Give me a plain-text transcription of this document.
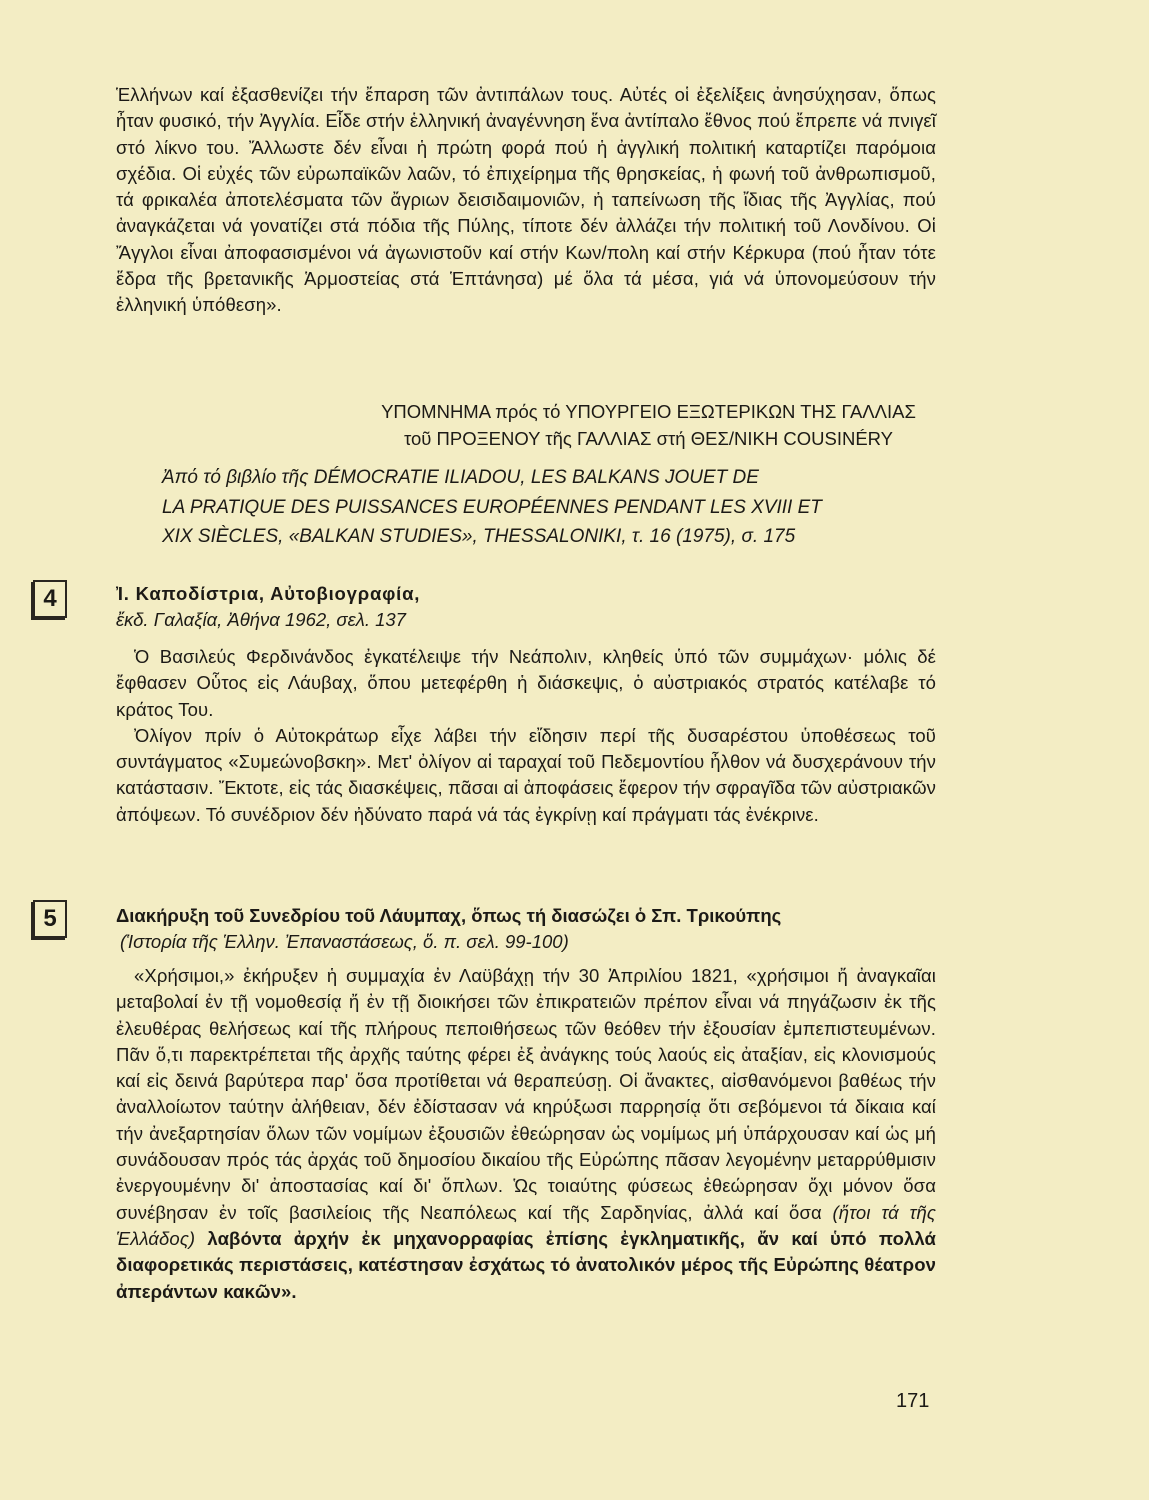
Ἑλλήνων καί ἐξασθενίζει τήν ἔπαρση τῶν ἀντιπάλων τους. Αὐτές οἱ ἐξελίξεις ἀνησύχησαν, ὅπως ἦταν φυσικό, τήν Ἀγγλία. Εἶδε στήν ἑλληνική ἀναγέννηση ἕνα ἀντίπαλο ἔθνος πού ἔπρεπε νά πνιγεῖ στό λίκνο του. Ἄλλωστε δέν εἶναι ἡ πρώτη φορά πού ἡ ἀγγλική πολιτική καταρτίζει παρόμοια σχέδια. Οἱ εὐχές τῶν εὐρωπαϊκῶν λαῶν, τό ἐπιχείρημα τῆς θρησκείας, ἡ φωνή τοῦ ἀνθρωπισμοῦ, τά φρικαλέα ἀποτελέσματα τῶν ἄγριων δεισιδαιμονιῶν, ἡ ταπείνωση τῆς ἴδιας τῆς Ἀγγλίας, πού ἀναγκάζεται νά γονατίζει στά πόδια τῆς Πύλης, τίποτε δέν ἀλλάζει τήν πολιτική τοῦ Λονδίνου. Οἱ Ἄγγλοι εἶναι ἀποφασισμένοι νά ἀγωνιστοῦν καί στήν Κων/πολη καί στήν Κέρκυρα (πού ἦταν τότε ἕδρα τῆς βρετανικῆς Ἁρμοστείας στά Ἑπτάνησα) μέ ὅλα τά μέσα, γιά νά ὑπονομεύσουν τήν ἑλληνική ὑπόθεση».

ΥΠΟΜΝΗΜΑ πρός τό ΥΠΟΥΡΓΕΙΟ ΕΞΩΤΕΡΙΚΩΝ ΤΗΣ ΓΑΛΛΙΑΣ
τοῦ ΠΡΟΞΕΝΟΥ τῆς ΓΑΛΛΙΑΣ στή ΘΕΣ/ΝΙΚΗ COUSINÉRY
Ἀπό τό βιβλίο τῆς DÉMOCRATIE ILIADOU, LES BALKANS JOUET DE
LA PRATIQUE DES PUISSANCES EUROPÉENNES PENDANT LES XVIII ET
XIX SIÈCLES, «BALKAN STUDIES», THESSALONIKI, τ. 16 (1975), σ. 175
4	Ἰ. Καποδίστρια, Αὐτοβιογραφία,
ἔκδ. Γαλαξία, Ἀθήνα 1962, σελ. 137

Ὁ Βασιλεύς Φερδινάνδος ἐγκατέλειψε τήν Νεάπολιν, κληθείς ὑπό τῶν συμμάχων· μόλις δέ ἔφθασεν Οὗτος εἰς Λάυβαχ, ὅπου μετεφέρθη ἡ διάσκεψις, ὁ αὐστριακός στρατός κατέλαβε τό κράτος Του.

Ὀλίγον πρίν ὁ Αὐτοκράτωρ εἶχε λάβει τήν εἴδησιν περί τῆς δυσαρέστου ὑποθέσεως τοῦ συντάγματος «Συμεώνοβσκη». Μετ' ὀλίγον αἱ ταραχαί τοῦ Πεδεμοντίου ἦλθον νά δυσχεράνουν τήν κατάστασιν. Ἔκτοτε, εἰς τάς διασκέψεις, πᾶσαι αἱ ἀποφάσεις ἔφερον τήν σφραγῖδα τῶν αὐστριακῶν ἀπόψεων. Τό συνέδριον δέν ἠδύνατο παρά νά τάς ἐγκρίνῃ καί πράγματι τάς ἐνέκρινε.

5	Διακήρυξη τοῦ Συνεδρίου τοῦ Λάυμπαχ, ὅπως τή διασώζει ὁ Σπ. Τρικούπης
(Ἱστορία τῆς Ἑλλην. Ἐπαναστάσεως, ὅ. π. σελ. 99-100)

«Χρήσιμοι,» ἐκήρυξεν ἡ συμμαχία ἐν Λαϋβάχῃ τήν 30 Ἀπριλίου 1821, «χρήσιμοι ἤ ἀναγκαῖαι μεταβολαί ἐν τῇ νομοθεσίᾳ ἤ ἐν τῇ διοικήσει τῶν ἐπικρατειῶν πρέπον εἶναι νά πηγάζωσιν ἐκ τῆς ἐλευθέρας θελήσεως καί τῆς πλήρους πεποιθήσεως τῶν θεόθεν τήν ἐξουσίαν ἐμπεπιστευμένων. Πᾶν ὅ,τι παρεκτρέπεται τῆς ἀρχῆς ταύτης φέρει ἐξ ἀνάγκης τούς λαούς εἰς ἀταξίαν, εἰς κλονισμούς καί εἰς δεινά βαρύτερα παρ' ὅσα προτίθεται νά θεραπεύσῃ. Οἱ ἄνακτες, αἰσθανόμενοι βαθέως τήν ἀναλλοίωτον ταύτην ἀλήθειαν, δέν ἐδίστασαν νά κηρύξωσι παρρησίᾳ ὅτι σεβόμενοι τά δίκαια καί τήν ἀνεξαρτησίαν ὅλων τῶν νομίμων ἐξουσιῶν ἐθεώρησαν ὡς νομίμως μή ὑπάρχουσαν καί ὡς μή συνάδουσαν πρός τάς ἀρχάς τοῦ δημοσίου δικαίου τῆς Εὐρώπης πᾶσαν λεγομένην μεταρρύθμισιν ἐνεργουμένην δι' ἀποστασίας καί δι' ὅπλων. Ὡς τοιαύτης φύσεως ἐθεώρησαν ὄχι μόνον ὅσα συνέβησαν ἐν τοῖς βασιλείοις τῆς Νεαπόλεως καί τῆς Σαρδηνίας, ἀλλά καί ὅσα (ἤτοι τά τῆς Ἑλλάδος) λαβόντα ἀρχήν ἐκ μηχανορραφίας ἐπίσης ἐγκληματικῆς, ἄν καί ὑπό πολλά διαφορετικάς περιστάσεις, κατέστησαν ἐσχάτως τό ἀνατολικόν μέρος τῆς Εὐρώπης θέατρον ἀπεράντων κακῶν».

171
